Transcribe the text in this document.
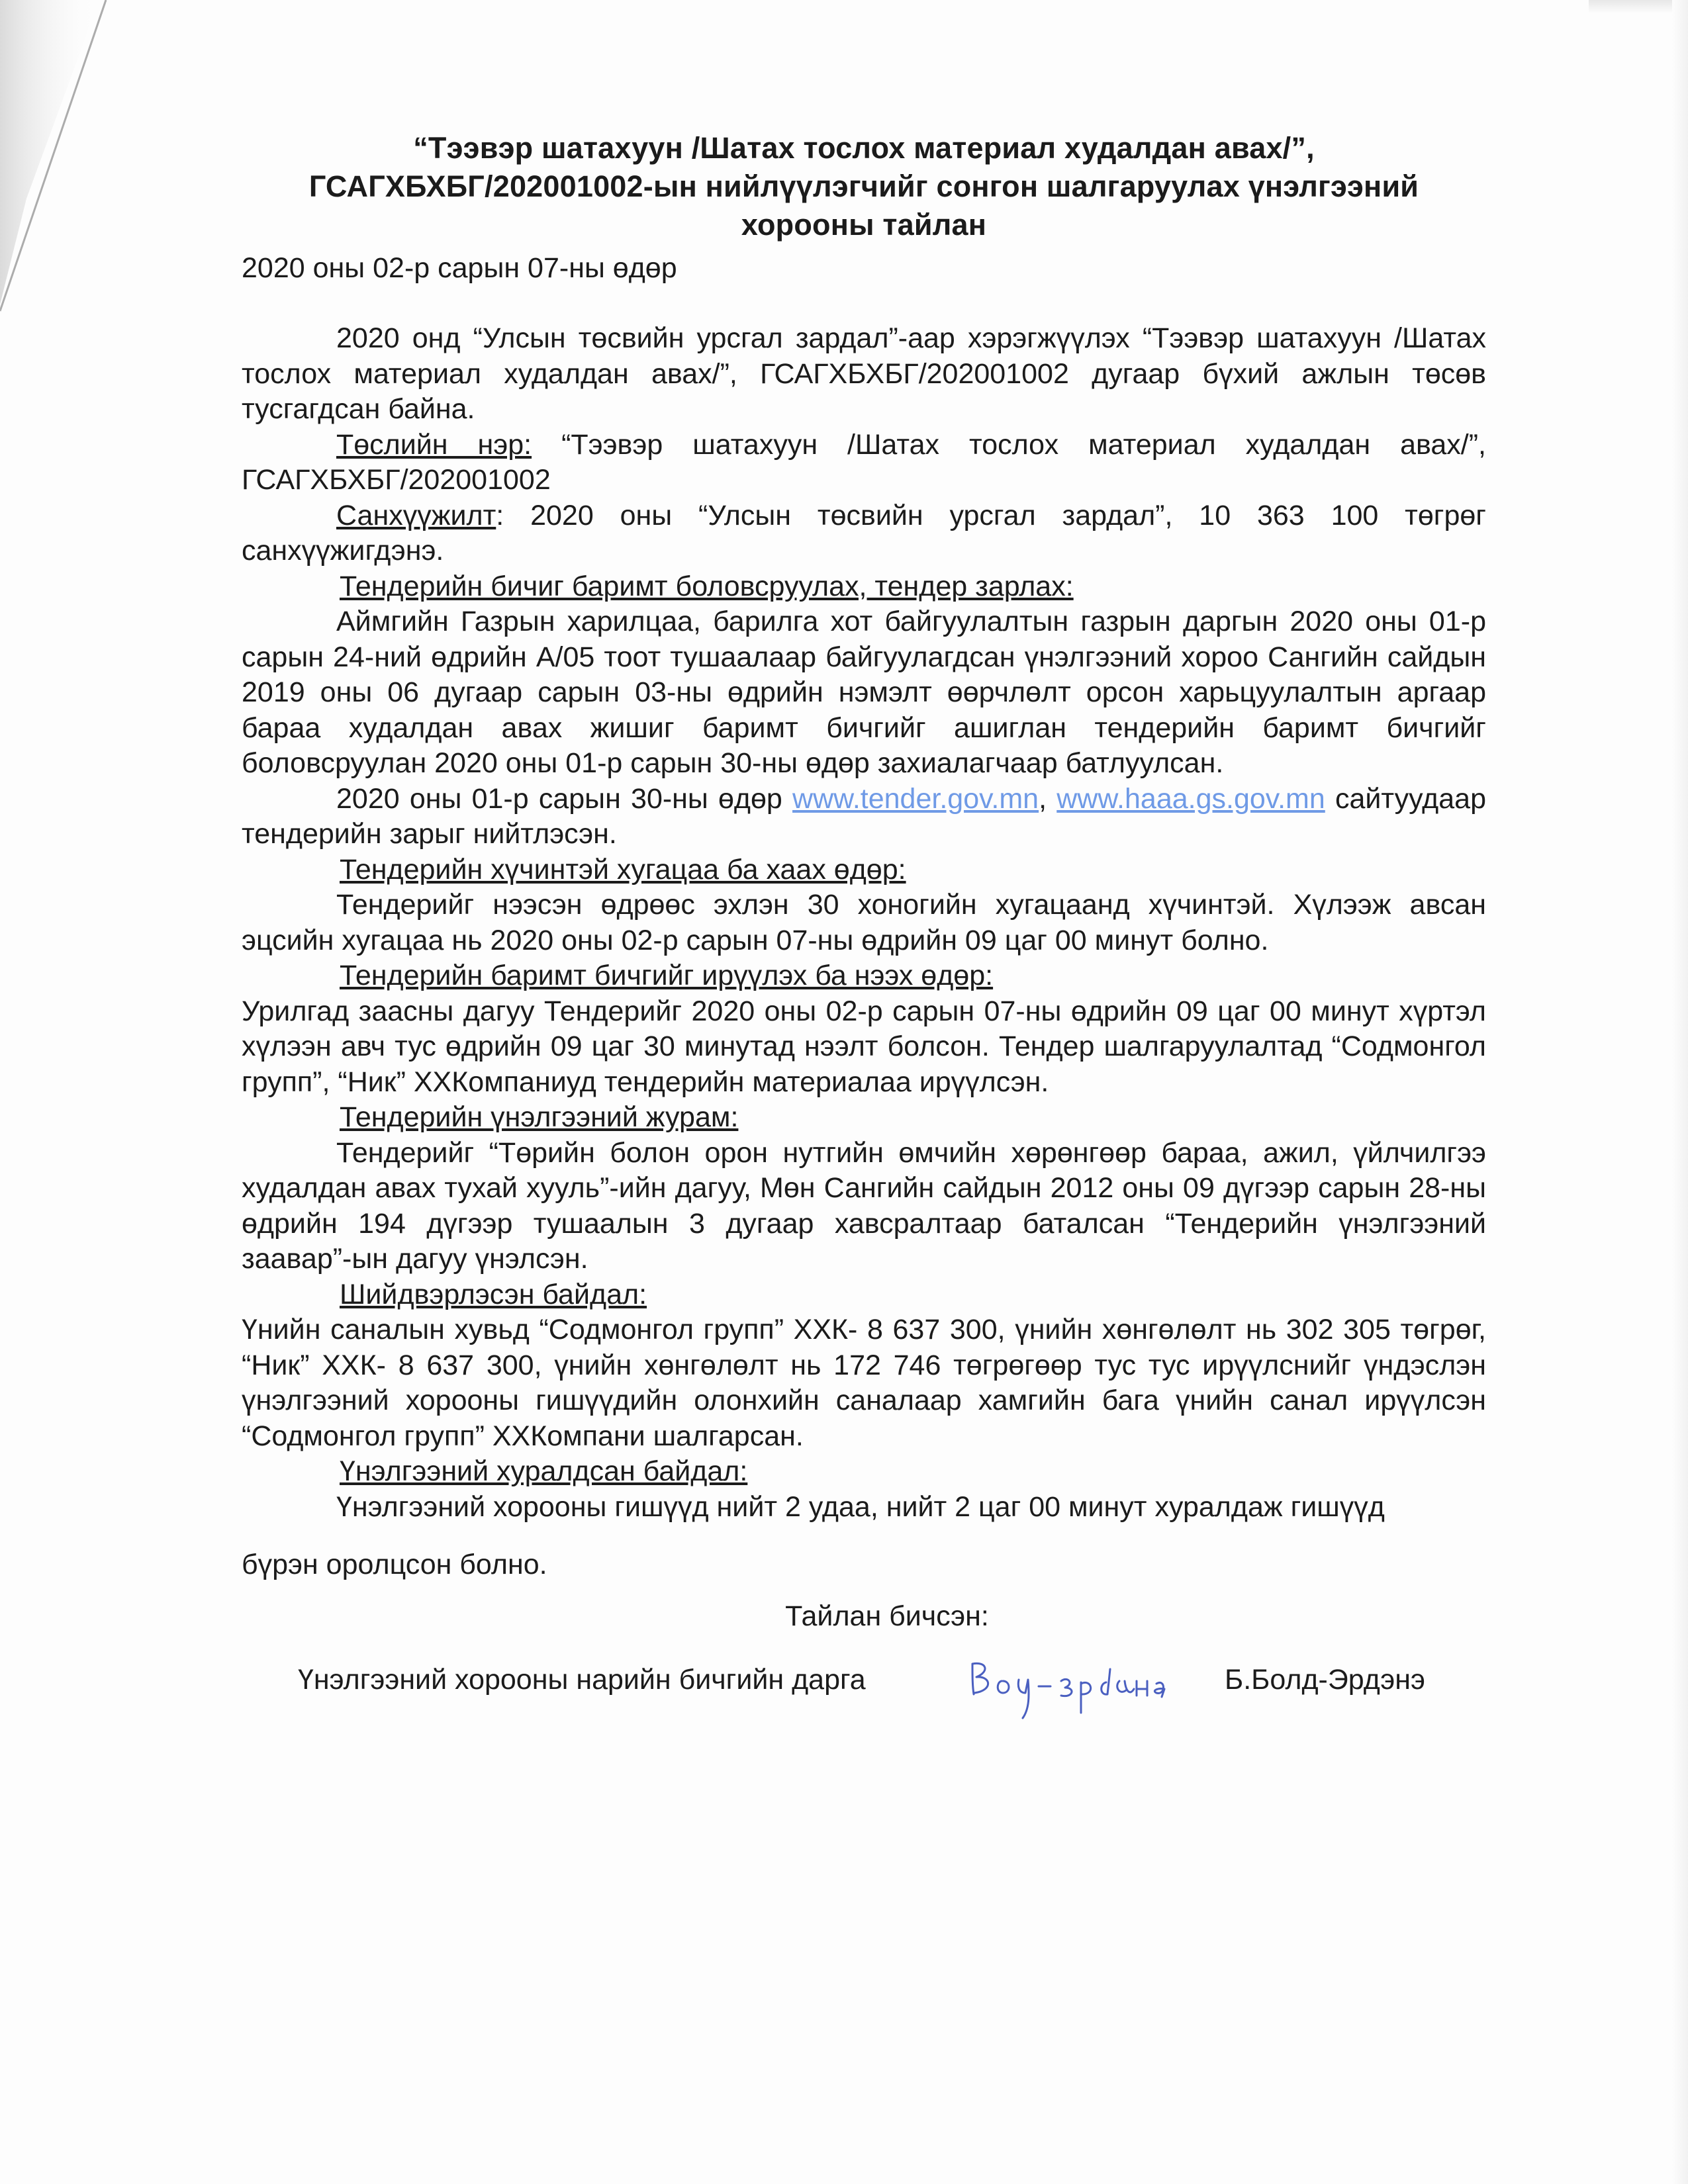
“Тээвэр шатахуун /Шатах тослох материал худалдан авах/”,
ГСАГХБХБГ/202001002-ын нийлүүлэгчийг сонгон шалгаруулах үнэлгээний
хорооны тайлан

2020 оны 02-р сарын 07-ны өдөр

2020 онд “Улсын төсвийн урсгал зардал”-аар хэрэгжүүлэх “Тээвэр шатахуун /Шатах тослох материал худалдан авах/”, ГСАГХБХБГ/202001002 дугаар бүхий ажлын төсөв тусгагдсан байна.

Төслийн нэр: “Тээвэр шатахуун /Шатах тослох материал худалдан авах/”, ГСАГХБХБГ/202001002

Санхүүжилт: 2020 оны “Улсын төсвийн урсгал зардал”, 10 363 100 төгрөг санхүүжигдэнэ.

Тендерийн бичиг баримт боловсруулах, тендер зарлах:

Аймгийн Газрын харилцаа, барилга хот байгуулалтын газрын даргын 2020 оны 01-р сарын 24-ний өдрийн А/05 тоот тушаалаар байгуулагдсан үнэлгээний хороо Сангийн сайдын 2019 оны 06 дугаар сарын 03-ны өдрийн нэмэлт өөрчлөлт орсон харьцуулалтын аргаар бараа худалдан авах жишиг баримт бичгийг ашиглан тендерийн баримт бичгийг боловсруулан 2020 оны 01-р сарын 30-ны өдөр захиалагчаар батлуулсан.

2020 оны 01-р сарын 30-ны өдөр www.tender.gov.mn, www.haaa.gs.gov.mn сайтуудаар тендерийн зарыг нийтлэсэн.

Тендерийн хүчинтэй хугацаа ба хаах өдөр:

Тендерийг нээсэн өдрөөс эхлэн 30 хоногийн хугацаанд хүчинтэй. Хүлээж авсан эцсийн хугацаа нь 2020 оны 02-р сарын 07-ны өдрийн 09 цаг 00 минут болно.

Тендерийн баримт бичгийг ирүүлэх ба нээх өдөр:

Урилгад заасны дагуу Тендерийг 2020 оны 02-р сарын 07-ны өдрийн 09 цаг 00 минут хүртэл хүлээн авч тус өдрийн 09 цаг 30 минутад нээлт болсон. Тендер шалгаруулалтад “Содмонгол групп”, “Ник” ХХКомпаниуд тендерийн материалаа ирүүлсэн.

Тендерийн үнэлгээний журам:

Тендерийг “Төрийн болон орон нутгийн өмчийн хөрөнгөөр бараа, ажил, үйлчилгээ худалдан авах тухай хууль”-ийн дагуу, Мөн Сангийн сайдын 2012 оны 09 дүгээр сарын 28-ны өдрийн 194 дүгээр тушаалын 3 дугаар хавсралтаар баталсан “Тендерийн үнэлгээний заавар”-ын дагуу үнэлсэн.

Шийдвэрлэсэн байдал:

Үнийн саналын хувьд “Содмонгол групп” ХХК- 8 637 300, үнийн хөнгөлөлт нь 302 305 төгрөг, “Ник” ХХК- 8 637 300, үнийн хөнгөлөлт нь 172 746 төгрөгөөр тус тус ирүүлснийг үндэслэн үнэлгээний хорооны гишүүдийн олонхийн саналаар хамгийн бага үнийн санал ирүүлсэн “Содмонгол групп” ХХКомпани шалгарсан.

Үнэлгээний хуралдсан байдал:

Үнэлгээний хорооны гишүүд нийт 2 удаа, нийт 2 цаг 00 минут хуралдаж гишүүд

бүрэн оролцсон болно.

Тайлан бичсэн:

Үнэлгээний хорооны нарийн бичгийн дарга	Б.Болд-Эрдэнэ
